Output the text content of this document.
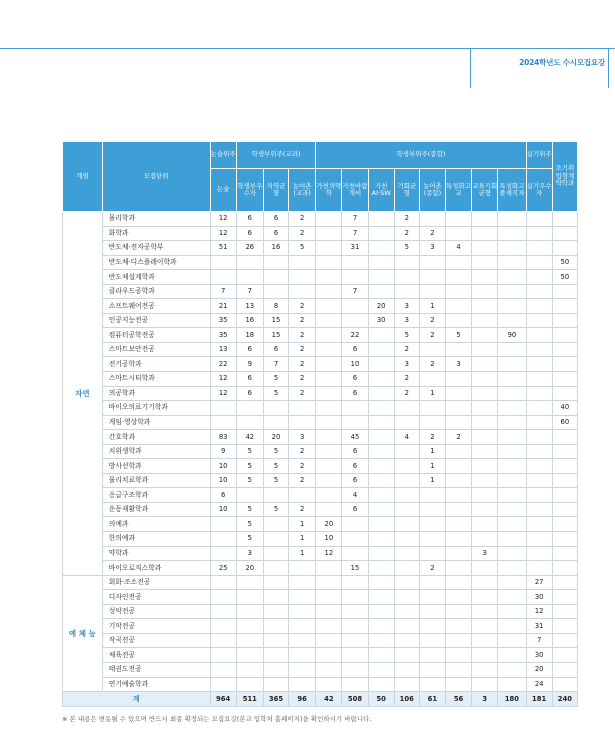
2024학년도 수시모집요강
계열	모집단위	논술위주	학생부위주(교과)			학생부위주(종합)								실기위주	조기취업형계약학과
		논술	학생부우수자	지역균형	농어촌(교과)	가천의약학	가천바람개비	가천AI·SW	기회균형	농어촌(종합)	특성화고교	교육기회균형	특성화고졸재직자	실기우수자	
자연	물리학과	12	6	6	2		7		2						
	화학과	12	6	6	2		7		2	2					
	반도체·전자공학부	51	26	16	5		31		5	3	4				
	반도체·디스플레이학과														50
	반도체설계학과														50
	클라우드공학과	7	7				7								
	소프트웨어전공	21	13	8	2			20	3	1					
	인공지능전공	35	16	15	2			30	3	2					
	컴퓨터공학전공	35	18	15	2		22		5	2	5		90		
	스마트보안전공	13	6	6	2		6		2						
	전기공학과	22	9	7	2		10		3	2	3				
	스마트시티학과	12	6	5	2		6		2						
	의공학과	12	6	5	2		6		2	1					
	바이오의료기기학과														40
	게임·영상학과														60
	간호학과	83	42	20	3		45		4	2	2				
	치위생학과	9	5	5	2		6			1					
	방사선학과	10	5	5	2		6			1					
	물리치료학과	10	5	5	2		6			1					
	응급구조학과	6					4								
	운동재활학과	10	5	5	2		6								
	의예과		5		1	20									
	한의예과		5		1	10									
	약학과		3		1	12						3			
	바이오로직스학과	25	20				15			2					
예 체 능	회화·조소전공													27	
	디자인전공													30	
	성악전공													12	
	기악전공													31	
	작곡전공													7	
	체육전공													30	
	태권도전공													20	
	연기예술학과													24	
계		964	511	365	96	42	508	50	106	61	56	3	180	181	240
※ 본 내용은 변동될 수 있으며 반드시 최종 확정되는 모집요강(본교 입학처 홈페이지)을 확인하시기 바랍니다.
